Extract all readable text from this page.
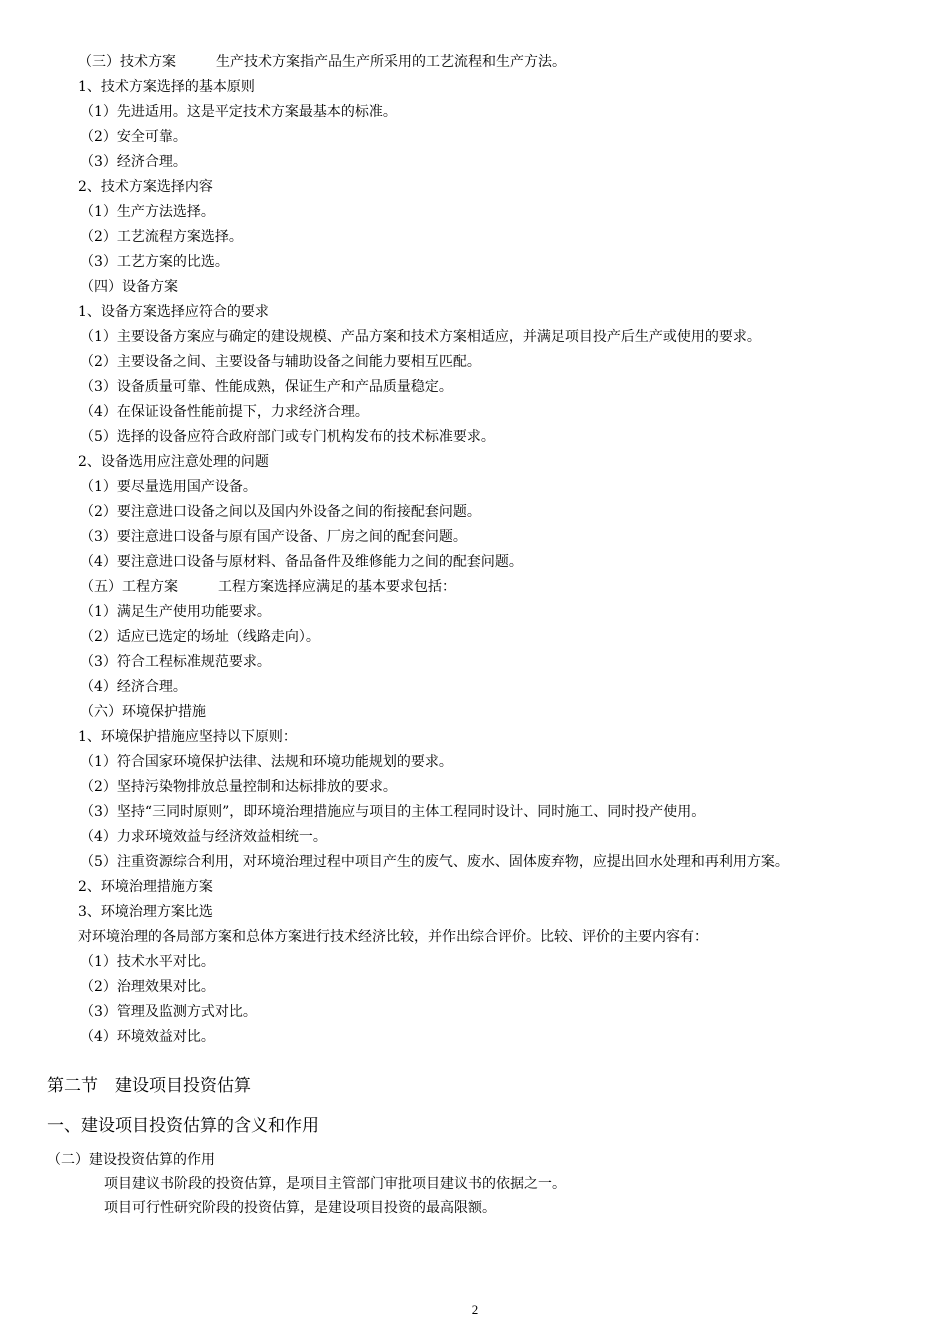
（三）技术方案	生产技术方案指产品生产所采用的工艺流程和生产方法。
1、技术方案选择的基本原则
（1）先进适用。这是平定技术方案最基本的标准。
（2）安全可靠。
（3）经济合理。
2、技术方案选择内容
（1）生产方法选择。
（2）工艺流程方案选择。
（3）工艺方案的比选。
（四）设备方案
1、设备方案选择应符合的要求
（1）主要设备方案应与确定的建设规模、产品方案和技术方案相适应，并满足项目投产后生产或使用的要求。
（2）主要设备之间、主要设备与辅助设备之间能力要相互匹配。
（3）设备质量可靠、性能成熟，保证生产和产品质量稳定。
（4）在保证设备性能前提下，力求经济合理。
（5）选择的设备应符合政府部门或专门机构发布的技术标准要求。
2、设备选用应注意处理的问题
（1）要尽量选用国产设备。
（2）要注意进口设备之间以及国内外设备之间的衔接配套问题。
（3）要注意进口设备与原有国产设备、厂房之间的配套问题。
（4）要注意进口设备与原材料、备品备件及维修能力之间的配套问题。
（五）工程方案	工程方案选择应满足的基本要求包括：
（1）满足生产使用功能要求。
（2）适应已选定的场址（线路走向）。
（3）符合工程标准规范要求。
（4）经济合理。
（六）环境保护措施
1、环境保护措施应坚持以下原则：
（1）符合国家环境保护法律、法规和环境功能规划的要求。
（2）坚持污染物排放总量控制和达标排放的要求。
（3）坚持“三同时原则”，即环境治理措施应与项目的主体工程同时设计、同时施工、同时投产使用。
（4）力求环境效益与经济效益相统一。
（5）注重资源综合利用，对环境治理过程中项目产生的废气、废水、固体废弃物，应提出回水处理和再利用方案。
2、环境治理措施方案
3、环境治理方案比选
对环境治理的各局部方案和总体方案进行技术经济比较，并作出综合评价。比较、评价的主要内容有：
（1）技术水平对比。
（2）治理效果对比。
（3）管理及监测方式对比。
（4）环境效益对比。
第二节　建设项目投资估算
一、建设项目投资估算的含义和作用
（二）建设投资估算的作用
项目建议书阶段的投资估算，是项目主管部门审批项目建议书的依据之一。
项目可行性研究阶段的投资估算，是建设项目投资的最高限额。
2
